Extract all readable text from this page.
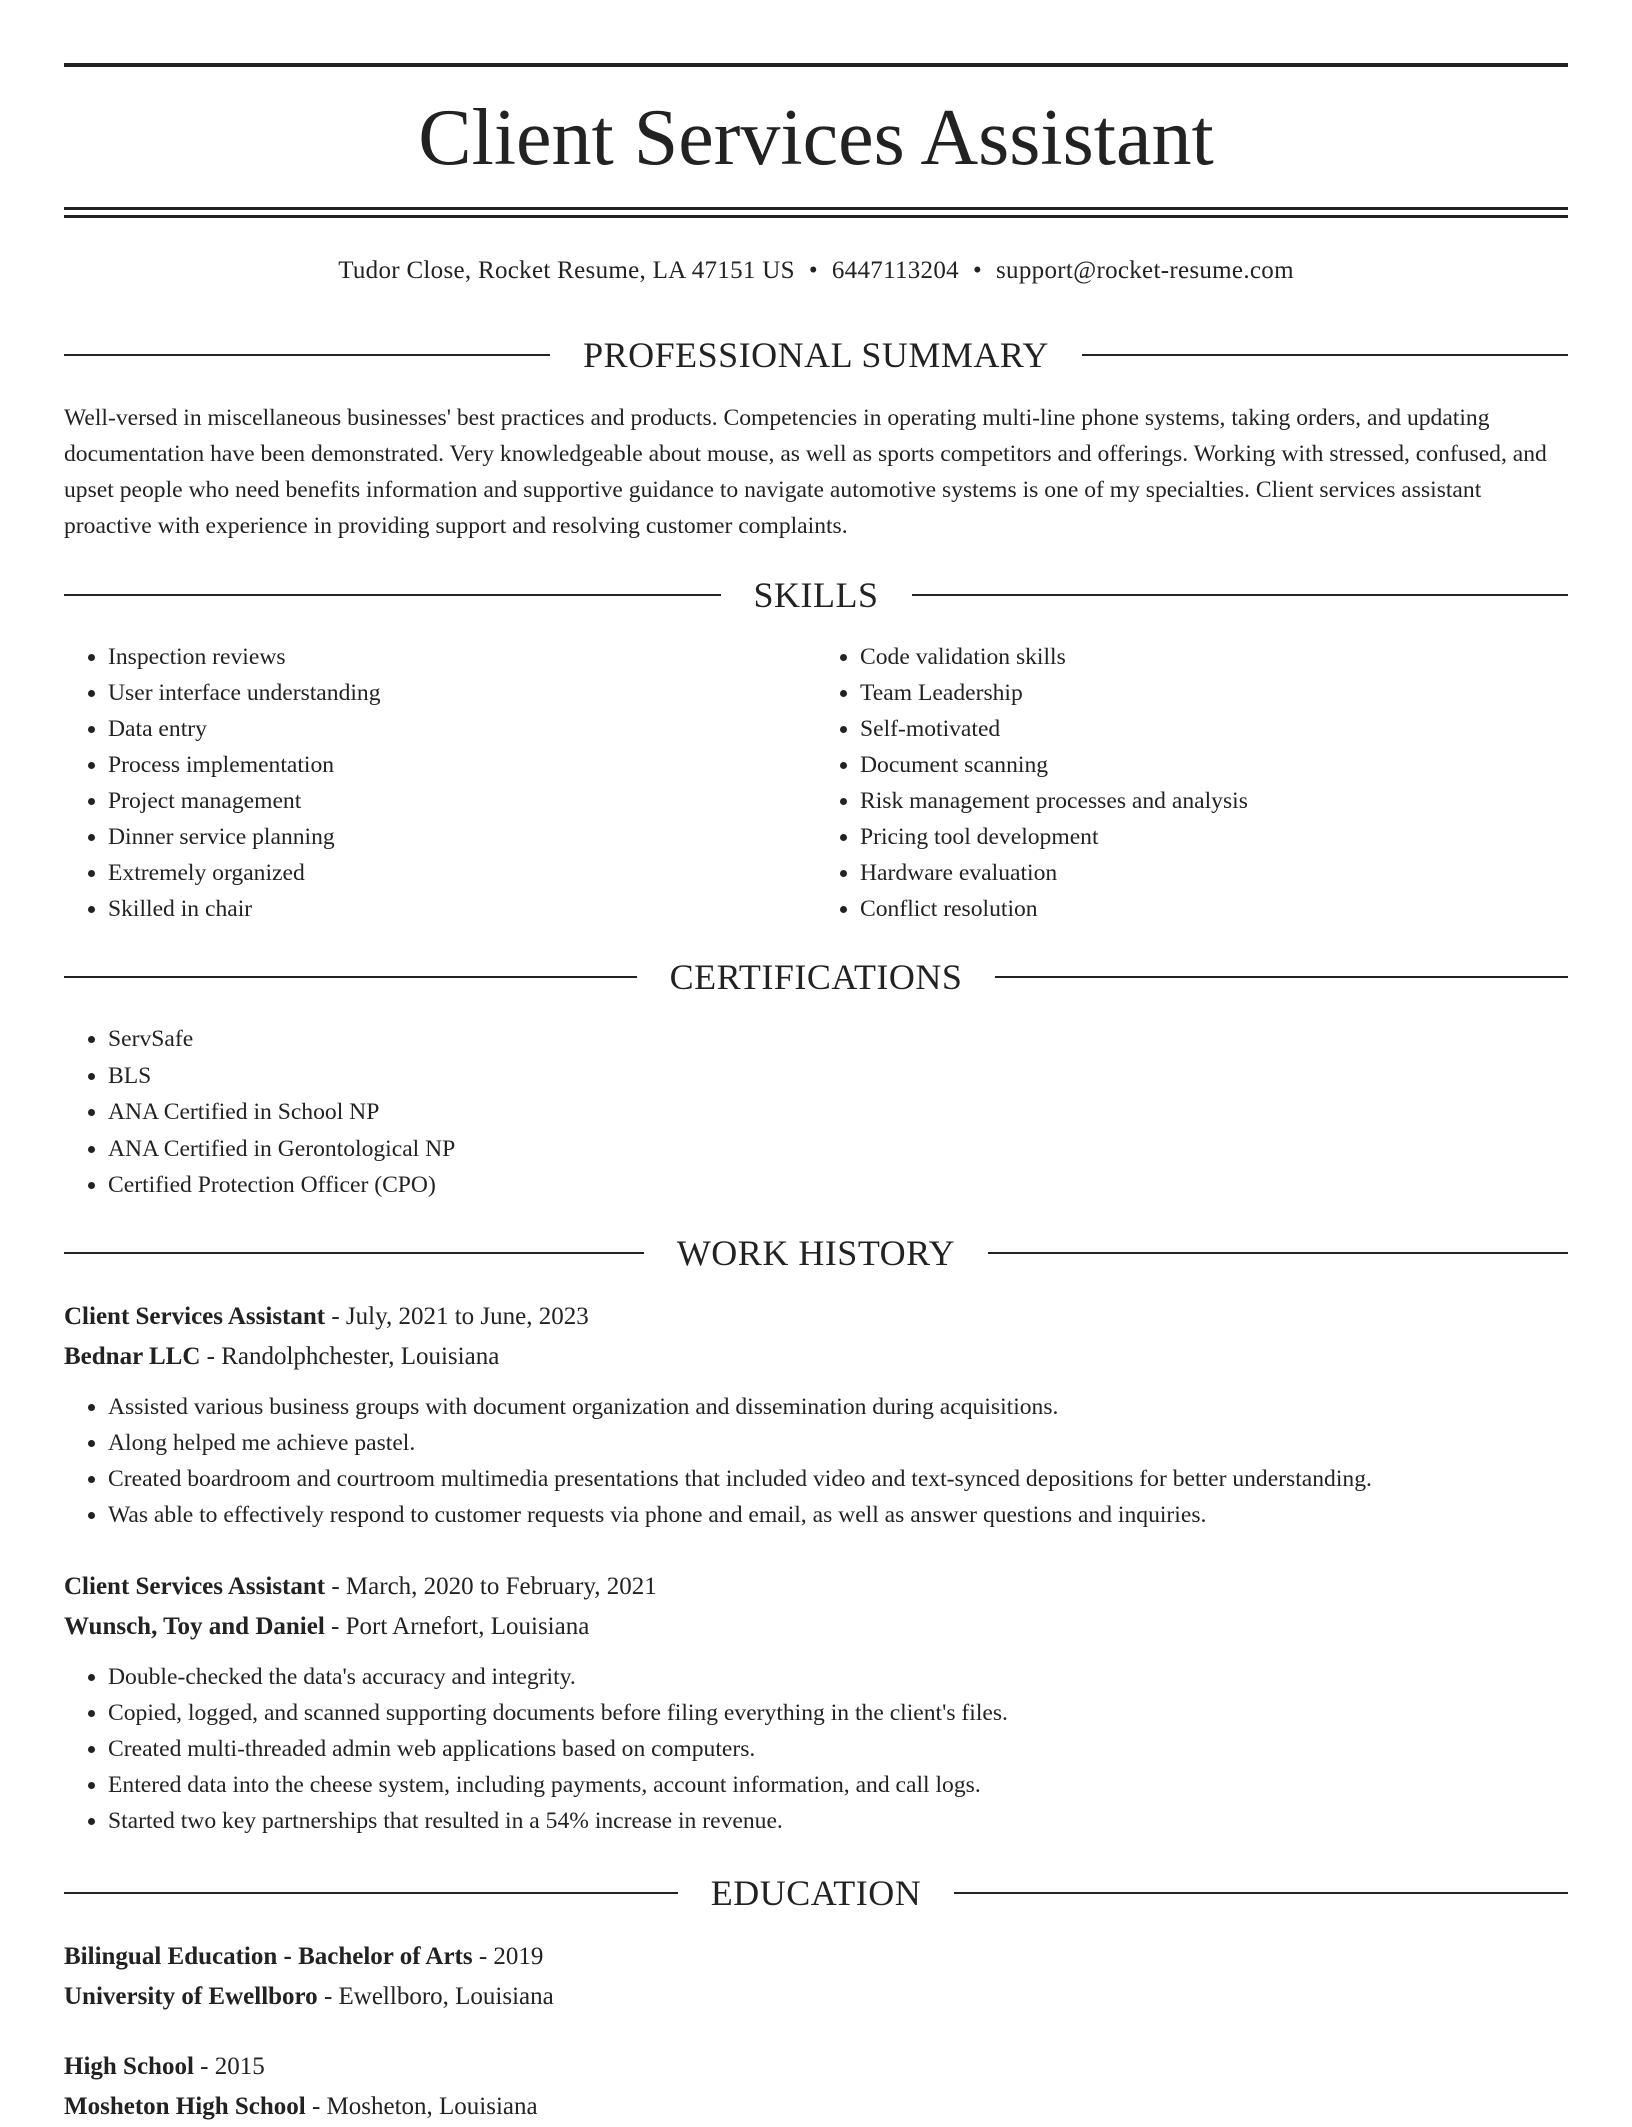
Client Services Assistant
Tudor Close, Rocket Resume, LA 47151 US • 6447113204 • support@rocket-resume.com
PROFESSIONAL SUMMARY

Well-versed in miscellaneous businesses' best practices and products. Competencies in operating multi-line phone systems, taking orders, and updating documentation have been demonstrated. Very knowledgeable about mouse, as well as sports competitors and offerings. Working with stressed, confused, and upset people who need benefits information and supportive guidance to navigate automotive systems is one of my specialties. Client services assistant proactive with experience in providing support and resolving customer complaints.

SKILLS
• Inspection reviews
• User interface understanding
• Data entry
• Process implementation
• Project management
• Dinner service planning
• Extremely organized
• Skilled in chair
• Code validation skills
• Team Leadership
• Self-motivated
• Document scanning
• Risk management processes and analysis
• Pricing tool development
• Hardware evaluation
• Conflict resolution
CERTIFICATIONS
• ServSafe
• BLS
• ANA Certified in School NP
• ANA Certified in Gerontological NP
• Certified Protection Officer (CPO)
WORK HISTORY
Client Services Assistant - July, 2021 to June, 2023
Bednar LLC - Randolphchester, Louisiana
• Assisted various business groups with document organization and dissemination during acquisitions.
• Along helped me achieve pastel.
• Created boardroom and courtroom multimedia presentations that included video and text-synced depositions for better understanding.
• Was able to effectively respond to customer requests via phone and email, as well as answer questions and inquiries.
Client Services Assistant - March, 2020 to February, 2021
Wunsch, Toy and Daniel - Port Arnefort, Louisiana
• Double-checked the data's accuracy and integrity.
• Copied, logged, and scanned supporting documents before filing everything in the client's files.
• Created multi-threaded admin web applications based on computers.
• Entered data into the cheese system, including payments, account information, and call logs.
• Started two key partnerships that resulted in a 54% increase in revenue.
EDUCATION
Bilingual Education - Bachelor of Arts - 2019
University of Ewellboro - Ewellboro, Louisiana
High School - 2015
Mosheton High School - Mosheton, Louisiana
